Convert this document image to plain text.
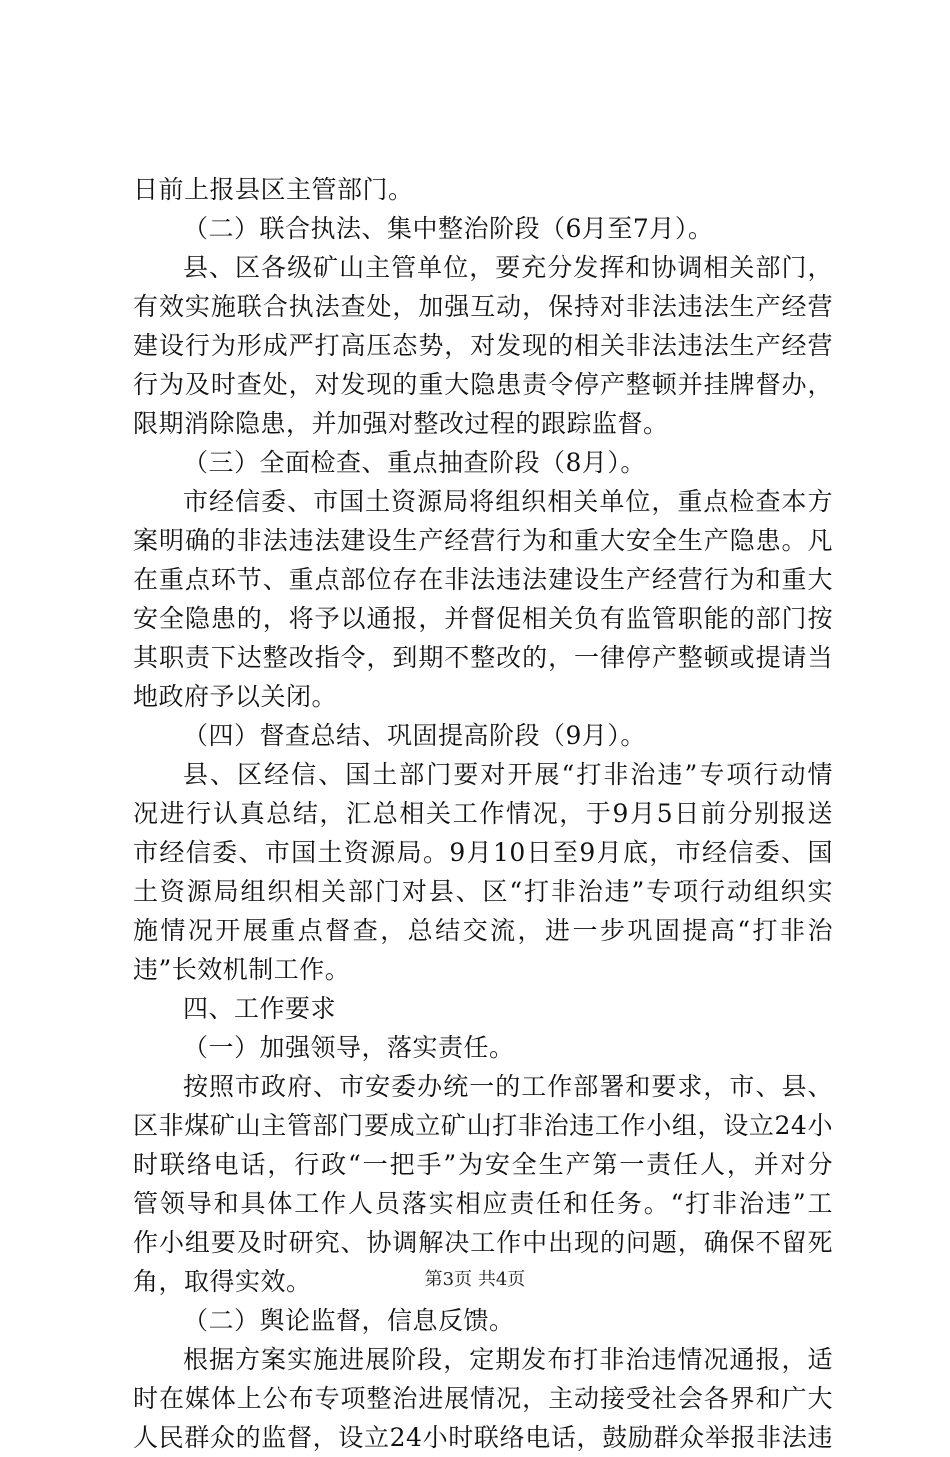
日前上报县区主管部门。
（二）联合执法、集中整治阶段（6月至7月）。
县、区各级矿山主管单位，要充分发挥和协调相关部门，
有效实施联合执法查处，加强互动，保持对非法违法生产经营
建设行为形成严打高压态势，对发现的相关非法违法生产经营
行为及时查处，对发现的重大隐患责令停产整顿并挂牌督办，
限期消除隐患，并加强对整改过程的跟踪监督。
（三）全面检查、重点抽查阶段（8月）。
市经信委、市国土资源局将组织相关单位，重点检查本方
案明确的非法违法建设生产经营行为和重大安全生产隐患。凡
在重点环节、重点部位存在非法违法建设生产经营行为和重大
安全隐患的，将予以通报，并督促相关负有监管职能的部门按
其职责下达整改指令，到期不整改的，一律停产整顿或提请当
地政府予以关闭。
（四）督查总结、巩固提高阶段（9月）。
县、区经信、国土部门要对开展“打非治违”专项行动情
况进行认真总结，汇总相关工作情况，于9月5日前分别报送
市经信委、市国土资源局。9月10日至9月底，市经信委、国
土资源局组织相关部门对县、区“打非治违”专项行动组织实
施情况开展重点督查，总结交流，进一步巩固提高“打非治
违”长效机制工作。
四、工作要求
（一）加强领导，落实责任。
按照市政府、市安委办统一的工作部署和要求，市、县、
区非煤矿山主管部门要成立矿山打非治违工作小组，设立24小
时联络电话，行政“一把手”为安全生产第一责任人，并对分
管领导和具体工作人员落实相应责任和任务。“打非治违”工
作小组要及时研究、协调解决工作中出现的问题，确保不留死
角，取得实效。
（二）舆论监督，信息反馈。
根据方案实施进展阶段，定期发布打非治违情况通报，适
时在媒体上公布专项整治进展情况，主动接受社会各界和广大
人民群众的监督，设立24小时联络电话，鼓励群众举报非法违
第3页 共4页
